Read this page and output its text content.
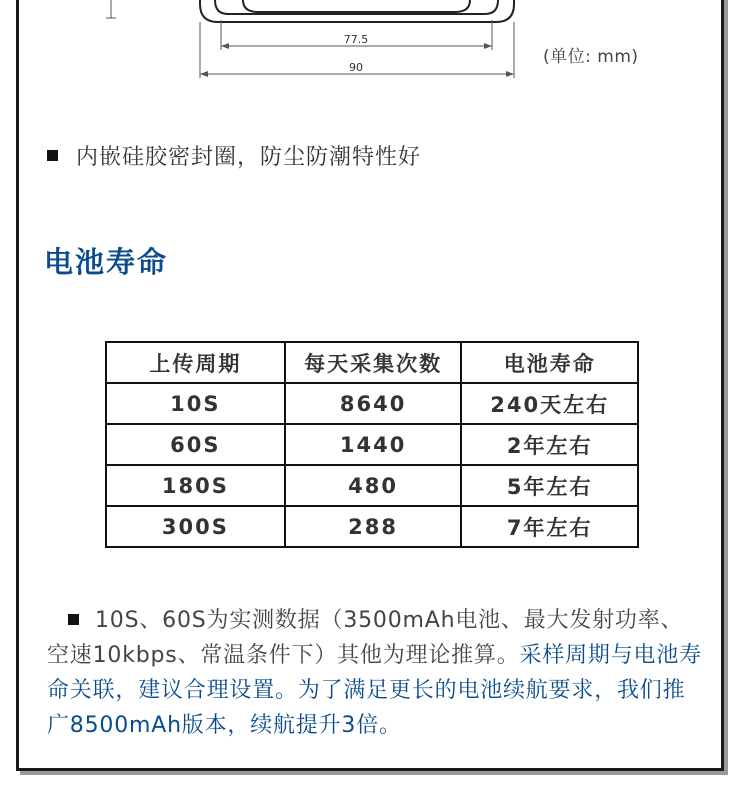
77.5
90
(单位: mm)
内嵌硅胶密封圈，防尘防潮特性好
电池寿命
上传周期	每天采集次数	电池寿命
10S	8640	240天左右
60S	1440	2年左右
180S	480	5年左右
300S	288	7年左右
10S、60S为实测数据（3500mAh电池、最大发射功率、空速10kbps、常温条件下）其他为理论推算。采样周期与电池寿命关联，建议合理设置。为了满足更长的电池续航要求，我们推广8500mAh版本，续航提升3倍。
